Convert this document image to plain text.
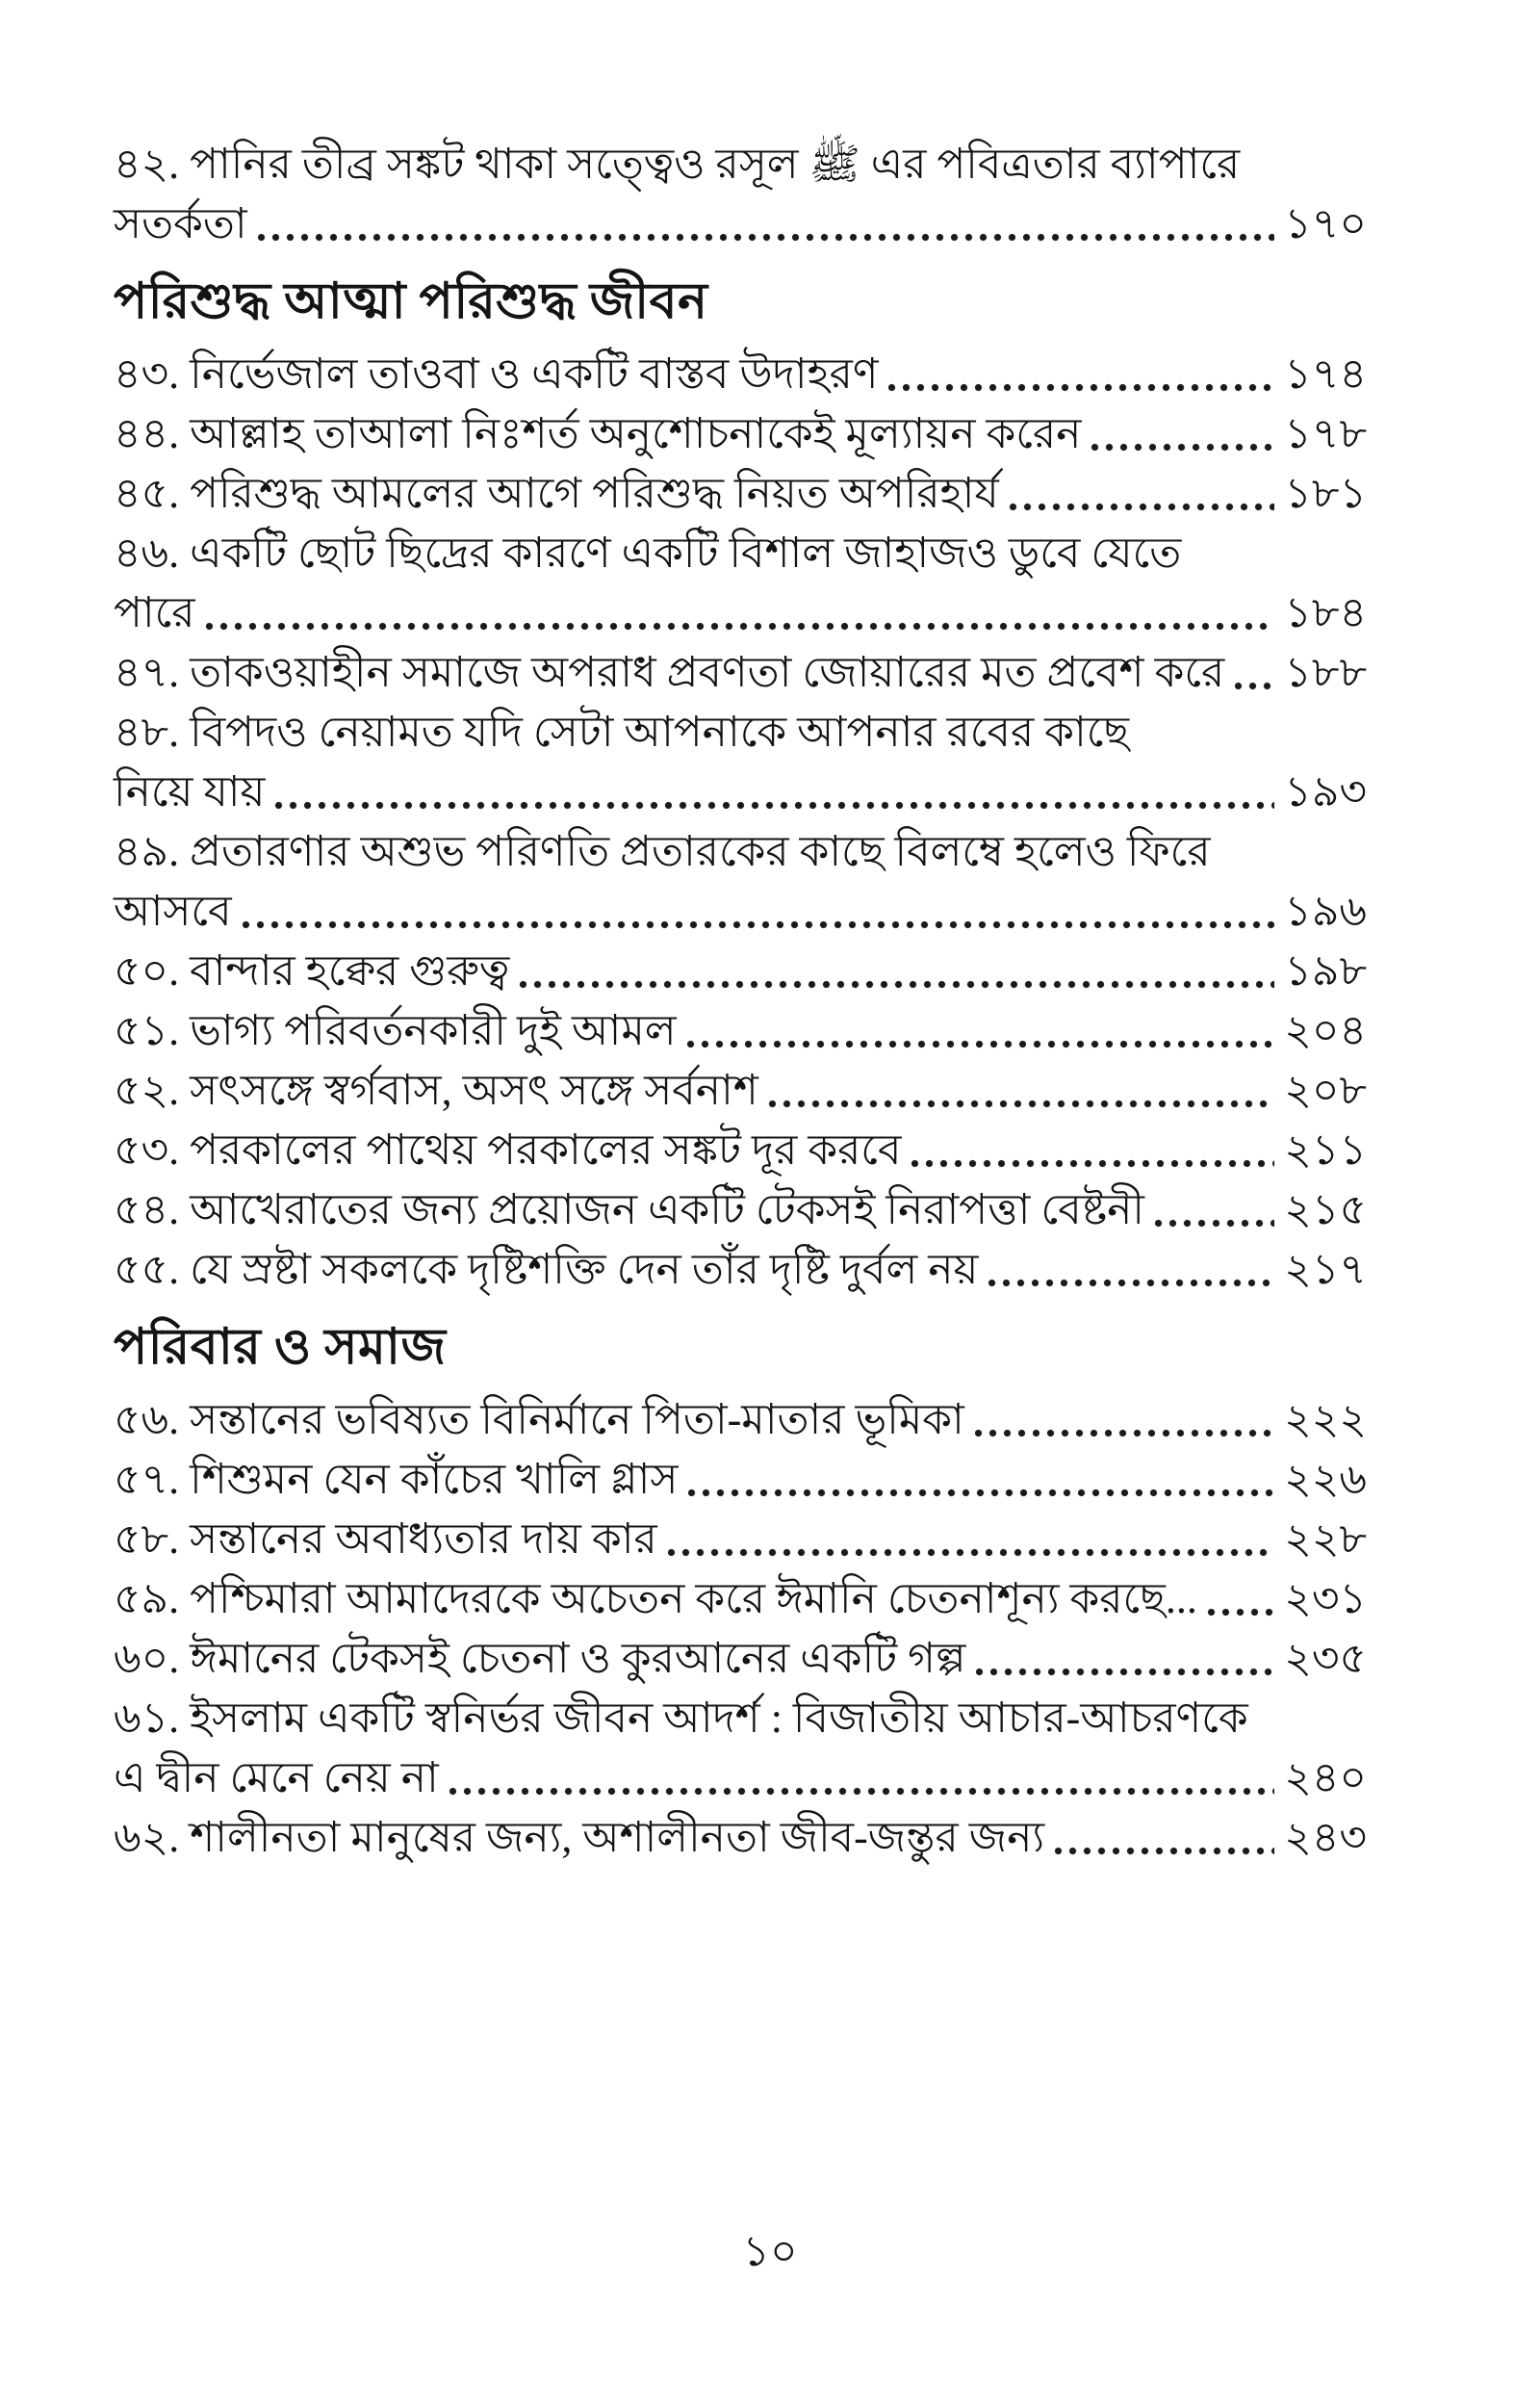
৪২. পানির তীব্র সঙ্কট থাকা সত্ত্বেও রসূল ﷺ এর পবিত্রতার ব্যাপারে
সতর্কতা	১৭০
পরিশুদ্ধ আত্মা পরিশুদ্ধ জীবন
৪৩. নির্ভেজাল তাওবা ও একটি বাস্তব উদাহরণ	১৭৪
৪৪. আল্লাহ তাআলা নিঃশর্ত অনুশোচনাকেই মূল্যায়ন করেন	১৭৮
৪৫. পরিশুদ্ধ আমলের আগে পরিশুদ্ধ নিয়ত অপরিহার্য	১৮১
৪৬. একটি ছোট ছিদ্রের কারণে একটি বিশাল জাহাজও ডুবে যেতে
পারে	১৮৪
৪৭. তাকওয়াহীন সমাজে অপরাধ প্রবণতা জোয়ারের মত প্রবেশ করে ১৮৮
৪৮. বিপদও নেয়ামত যদি সেটা আপনাকে আপনার রবের কাছে
নিয়ে যায়	১৯৩
৪৯. প্রতারণার অশুভ পরিণতি প্রতারকের কাছে বিলম্বে হলেও ফিরে
আসবে	১৯৬
৫০. বান্দার হক্বের গুরুত্ব	১৯৮
৫১. ভাগ্য পরিবর্তনকারী দুই আমল	২০৪
৫২. সৎসঙ্গে স্বর্গবাস, অসৎ সঙ্গে সর্বনাশ	২০৮
৫৩. পরকালের পাথেয় পরকালের সঙ্কট দূর করবে	২১১
৫৪. আখেরাতের জন্য প্রয়োজন একটি টেকসই নিরাপত্তা বেষ্টনী	২১৫
৫৫. যে স্রষ্টা সকলকে দৃষ্টিশক্তি দেন তাঁর দৃষ্টি দুর্বল নয়	২১৭
পরিবার ও সমাজ
৫৬. সন্তানের ভবিষ্যত বিনির্মানে পিতা-মাতার ভূমিকা	২২২
৫৭. শিশুমন যেন কাঁচের খালি গ্লাস	২২৬
৫৮. সন্তানের অবাধ্যতার দায় কার	২২৮
৫৯. পশ্চিমারা আমাদেরকে অচেতন করে ঈমানি চেতনাশূন্য করছে... ২৩১
৬০. ঈমানের টেকসই চেতনা ও কুরআনের একটি গল্প	২৩৫
৬১. ইসলাম একটি স্বনির্ভর জীবন আদর্শ : বিজাতীয় আচার-আচরণকে
এ দ্বীন মেনে নেয় না	২৪০
৬২. শালীনতা মানুষের জন্য, অশালীনতা জীব-জন্তুর জন্য	২৪৩
১০
